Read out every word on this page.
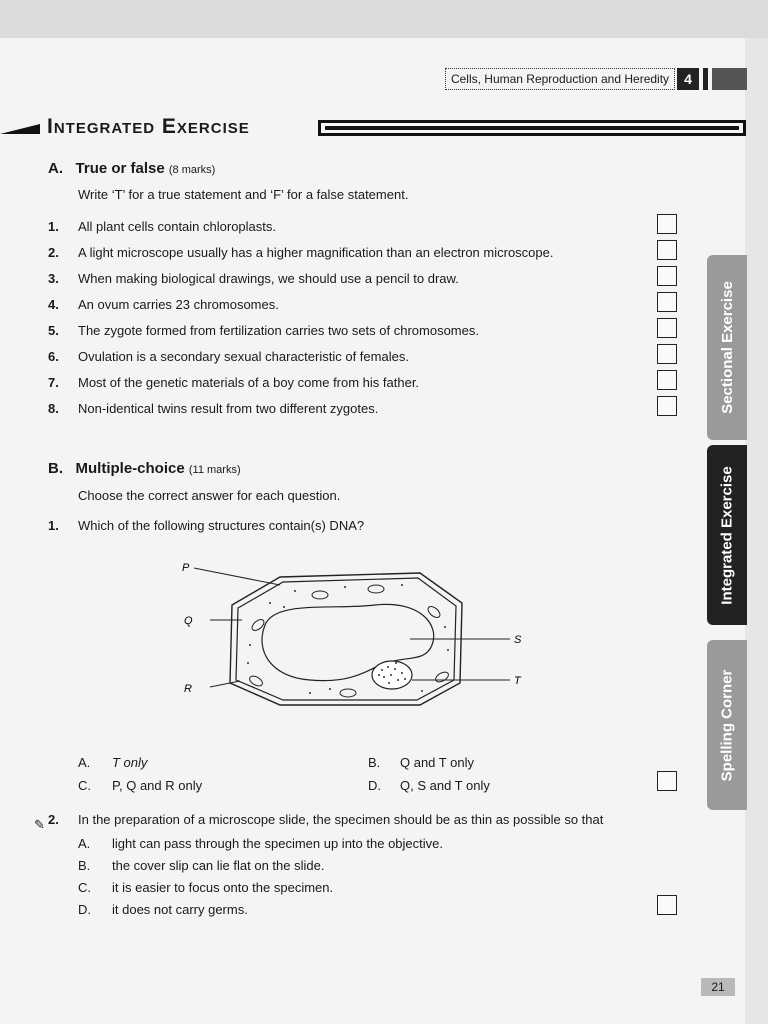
Cells, Human Reproduction and Heredity	4
Integrated Exercise
A. True or false (8 marks)
Write ‘T’ for a true statement and ‘F’ for a false statement.
1. All plant cells contain chloroplasts.
2. A light microscope usually has a higher magnification than an electron microscope.
3. When making biological drawings, we should use a pencil to draw.
4. An ovum carries 23 chromosomes.
5. The zygote formed from fertilization carries two sets of chromosomes.
6. Ovulation is a secondary sexual characteristic of females.
7. Most of the genetic materials of a boy come from his father.
8. Non-identical twins result from two different zygotes.
B. Multiple-choice (11 marks)
Choose the correct answer for each question.
1. Which of the following structures contain(s) DNA?
P
Q
R
S
T
A. T only	B. Q and T only
C. P, Q and R only	D. Q, S and T only
✎ 2. In the preparation of a microscope slide, the specimen should be as thin as possible so that
A. light can pass through the specimen up into the objective.
B. the cover slip can lie flat on the slide.
C. it is easier to focus onto the specimen.
D. it does not carry germs.
Sectional Exercise
Integrated Exercise
Spelling Corner
21
